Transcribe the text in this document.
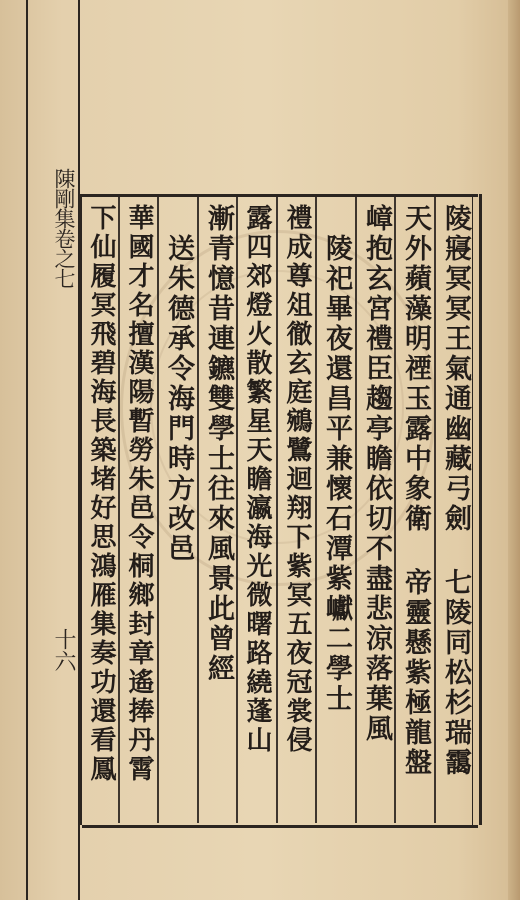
陳剛集卷之七
十六	陵寢冥冥王氣通幽藏弓劍 七陵同松杉瑞靄
天外蘋藻明禋玉露中象衛 帝靈懸紫極龍盤
嶂抱玄宮禮臣趨亭瞻依切不盡悲涼落葉風
　陵祀畢夜還昌平兼懷石潭紫巘二學士
禮成尊俎徹玄庭鵷鷺迴翔下紫冥五夜冠裳侵
露四郊燈火散繁星天瞻瀛海光微曙路繞蓬山
漸青憶昔連鑣雙學士往來風景此曾經
　送朱德承令海門時方改邑
華國才名擅漢陽暫勞朱邑令桐鄉封章遙捧丹霄
下仙履冥飛碧海長築堵好思鴻雁集奏功還看鳳
